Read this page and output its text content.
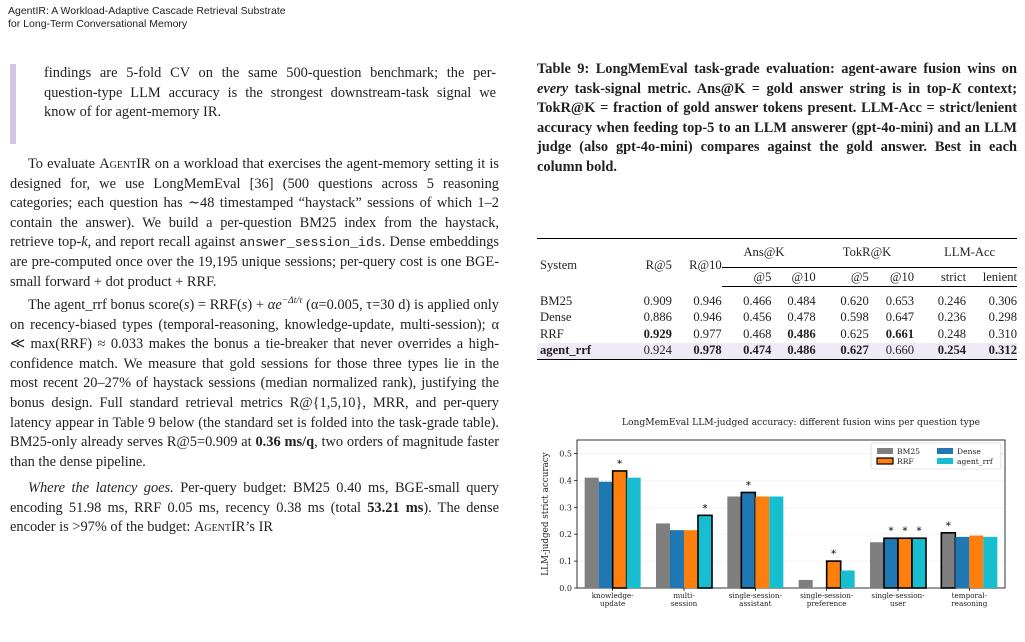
AgentIR: A Workload-Adaptive Cascade Retrieval Substrate
for Long-Term Conversational Memory
findings are 5-fold CV on the same 500-question benchmark; the per-question-type LLM accuracy is the strongest downstream-task signal we know of for agent-memory IR.

To evaluate AgentIR on a workload that exercises the agent-memory setting it is designed for, we use LongMemEval [36] (500 questions across 5 reasoning categories; each question has ∼48 timestamped “haystack” sessions of which 1–2 contain the answer). We build a per-question BM25 index from the haystack, retrieve top-k, and report recall against answer_session_ids. Dense embeddings are pre-computed once over the 19,195 unique sessions; per-query cost is one BGE-small forward + dot product + RRF.

The agent_rrf bonus score(s) = $RRF(s) + \alpha e^{-\Delta t/\tau}$ (α=0.005, τ=30 d) is applied only on recency-biased types (temporal-reasoning, knowledge-update, multi-session); α ≪ max(RRF) ≈ 0.033 makes the bonus a tie-breaker that never overrides a high-confidence match. We measure that gold sessions for those three types lie in the most recent 20–27% of haystack sessions (median normalized rank), justifying the bonus design. Full standard retrieval metrics R@{1,5,10}, MRR, and per-query latency appear in Table 9 below (the standard set is folded into the task-grade table). BM25-only already serves R@5=0.909 at 0.36 ms/q, two orders of magnitude faster than the dense pipeline.

Where the latency goes. Per-query budget: BM25 0.40 ms, BGE-small query encoding 51.98 ms, RRF 0.05 ms, recency 0.38 ms (total 53.21 ms). The dense encoder is >97% of the budget: AgentIR’s IR

Table 9: LongMemEval task-grade evaluation: agent-aware fusion wins on every task-signal metric. Ans@K = gold answer string is in top-K context; TokR@K = fraction of gold answer tokens present. LLM-Acc = strict/lenient accuracy when feeding top-5 to an LLM answerer (gpt-4o-mini) and an LLM judge (also gpt-4o-mini) compares against the gold answer. Best in each column bold.

System	R@5	R@10		Ans@K		TokR@K		LLM-Acc

			@5	@10	@5	@10	strict	lenient
BM25	0.909	0.946	0.466	0.484	0.620	0.653	0.246	0.306
Dense	0.886	0.946	0.456	0.478	0.598	0.647	0.236	0.298
RRF	0.929	0.977	0.468	0.486	0.625	0.661	0.248	0.310
agent_rrf	0.924	0.978	0.474	0.486	0.627	0.660	0.254	0.312
LongMemEval LLM-judged accuracy: different fusion wins per question type
0.0
0.1
0.2
0.3
0.4
0.5
LLM-judged strict accuracy	*
knowledge-update
*
multi-session
*
single-session-assistant
*
single-session-preference
* * *
single-session-user
*
temporal-reasoning
BM25	Dense
RRF	agent_rrf
